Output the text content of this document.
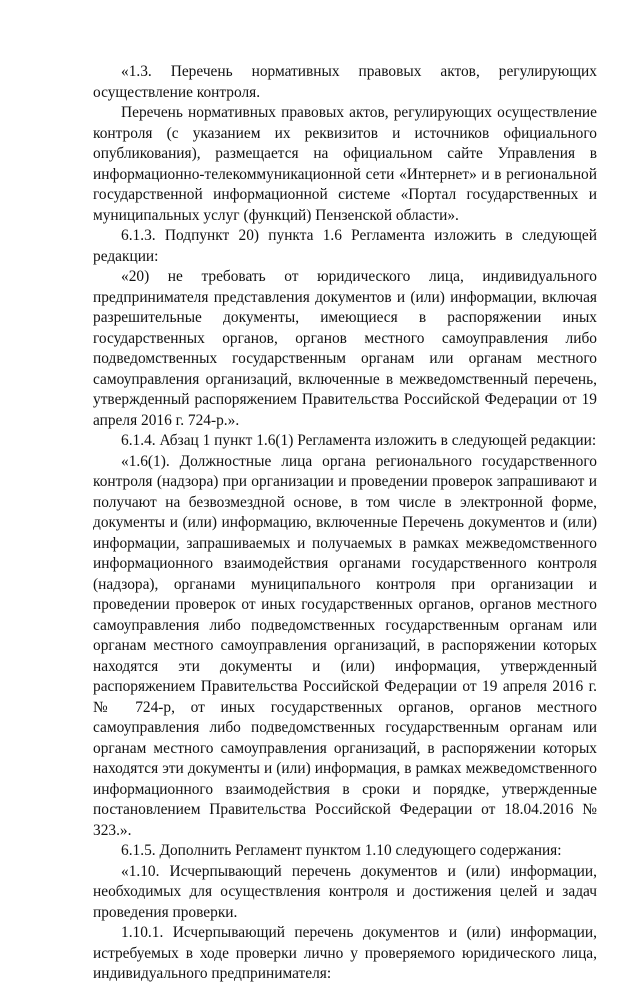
«1.3. Перечень нормативных правовых актов, регулирующих осуществление контроля.

Перечень нормативных правовых актов, регулирующих осуществление контроля (с указанием их реквизитов и источников официального опубликования), размещается на официальном сайте Управления в информационно-телекоммуникационной сети «Интернет» и в региональной государственной информационной системе «Портал государственных и муниципальных услуг (функций) Пензенской области».

6.1.3. Подпункт 20) пункта 1.6 Регламента изложить в следующей редакции:

«20) не требовать от юридического лица, индивидуального предпринимателя представления документов и (или) информации, включая разрешительные документы, имеющиеся в распоряжении иных государственных органов, органов местного самоуправления либо подведомственных государственным органам или органам местного самоуправления организаций, включенные в межведомственный перечень, утвержденный распоряжением Правительства Российской Федерации от 19 апреля 2016 г. 724-р.».

6.1.4. Абзац 1 пункт 1.6(1) Регламента изложить в следующей редакции:

«1.6(1). Должностные лица органа регионального государственного контроля (надзора) при организации и проведении проверок запрашивают и получают на безвозмездной основе, в том числе в электронной форме, документы и (или) информацию, включенные Перечень документов и (или) информации, запрашиваемых и получаемых в рамках межведомственного информационного взаимодействия органами государственного контроля (надзора), органами муниципального контроля при организации и проведении проверок от иных государственных органов, органов местного самоуправления либо подведомственных государственным органам или органам местного самоуправления организаций, в распоряжении которых находятся эти документы и (или) информация, утвержденный распоряжением Правительства Российской Федерации от 19 апреля 2016 г. № 724-р, от иных государственных органов, органов местного самоуправления либо подведомственных государственным органам или органам местного самоуправления организаций, в распоряжении которых находятся эти документы и (или) информация, в рамках межведомственного информационного взаимодействия в сроки и порядке, утвержденные постановлением Правительства Российской Федерации от 18.04.2016 № 323.».

6.1.5. Дополнить Регламент пунктом 1.10 следующего содержания:

«1.10. Исчерпывающий перечень документов и (или) информации, необходимых для осуществления контроля и достижения целей и задач проведения проверки.

1.10.1. Исчерпывающий перечень документов и (или) информации, истребуемых в ходе проверки лично у проверяемого юридического лица, индивидуального предпринимателя:
